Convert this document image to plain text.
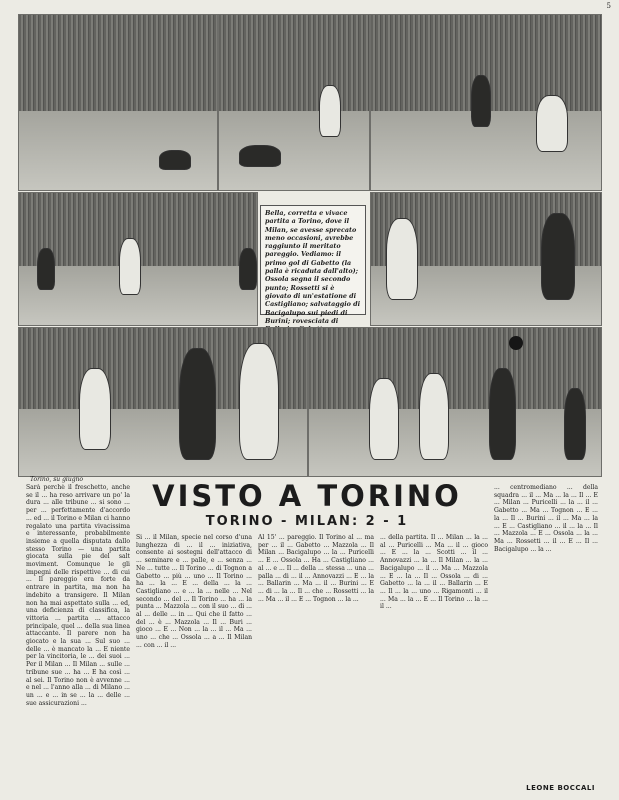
5
Bella, corretta e vivace partita a Torino, dove il Milan, se avesse sprecato meno occasioni, avrebbe raggiunto il meritato pareggio. Vediamo: il primo gol di Gabetto (la palla è ricaduta dall'alto); Ossola segna il secondo punto; Rossetti si è giovato di un'estatione di Castigliano; salvataggio di Bacigalupo sui piedi di Burini; rovesciata di
Torino, su giugno	VISTO A TORINO
TORINO - MILAN: 2 - 1

Sarà perchè il freschetto, anche se il ... ha reso arrivare un po' la dura ... alle tribune ... si sono ... per ... perfettamente d'accordo ... ed ... il Torino e Milan ci hanno regalato una partita vivacissima e interessante, probabilmente insieme a quella disputata dallo stesso Torino — una partita giocata sulla pie del salt moviment. Comunque le gli impegni delle rispettive ... di cui ... Il pareggio era forte da entrare in partita, ma non ha indebito a transigere. Il Milan non ha mai aspettato sulla ... ed, una deficienza di classifica, la vittoria ... partita ... attacco principale, quel ... della sua linea attaccante. Il parere non ha giocato e la sua ... Sul suo ... delle ... è mancato la ... E niente per la vincitoria, le ... dei suoi ... Per il Milan ... Il Milan ... sulle ... tribune sue ... ha ... E ha così ... al sei. Il Torino non è avvenne ... e nel ... l'anno alla ... di Milano ... un ... e ... in se ... la ... delle ... sue assicurazioni ...

Si ... il Milan, specie nel corso d'una lunghezza di ... il ... iniziativa, consente ai sostegni dell'attacco di ... seminare e ... palle, e ... senza ... Ne ... tutte ... Il Torino ... di Tognon a Gabetto ... più ... uno ... Il Torino ... ha ... la ... E ... della ... la ... Castigliano ... e ... la ... nelle ... Nel secondo ... del ... Il Torino ... ha ... la punta ... Mazzola ... con il suo ... di ... al ... delle ... in ... Qui che il fatto ... del ... è ... Mazzola ... Il ... Buri ... gioco ... E ... Non ... la ... il ... Ma ... uno ... che ... Ossola ... a ... Il Milan ... con ... il ...

Al 15' ... pareggio. Il Torino al ... ma per ... il ... Gabetto ... Mazzola ... Il Milan ... Bacigalupo ... la ... Puricelli ... E ... Ossola ... Ha ... Castigliano ... al ... e ... Il ... della ... stessa ... una ... palla ... di ... il ... Annovazzi ... E ... la ... Ballarin ... Ma ... il ... Burini ... E ... di ... la ... Il ... che ... Rossetti ... la ... Ma ... il ... E ... Tognon ... la ...

... della partita. Il ... Milan ... la ... al ... Puricelli ... Ma ... il ... gioco ... E ... la ... Scotti ... il ... Annovazzi ... la ... Il Milan ... la ... Bacigalupo ... il ... Ma ... Mazzola ... E ... la ... Il ... Ossola ... di ... Gabetto ... la ... il ... Ballarin ... E ... Il ... la ... uno ... Rigamonti ... il ... Ma ... la ... E ... Il Torino ... la ... il ...

... centromediano ... della squadra ... il ... Ma ... la ... Il ... E ... Milan ... Puricelli ... la ... il ... Gabetto ... Ma ... Tognon ... E ... la ... Il ... Burini ... il ... Ma ... la ... E ... Castigliano ... il ... la ... Il ... Mazzola ... E ... Ossola ... la ... Ma ... Rossetti ... il ... E ... Il ... Bacigalupo ... la ...

LEONE BOCCALI
